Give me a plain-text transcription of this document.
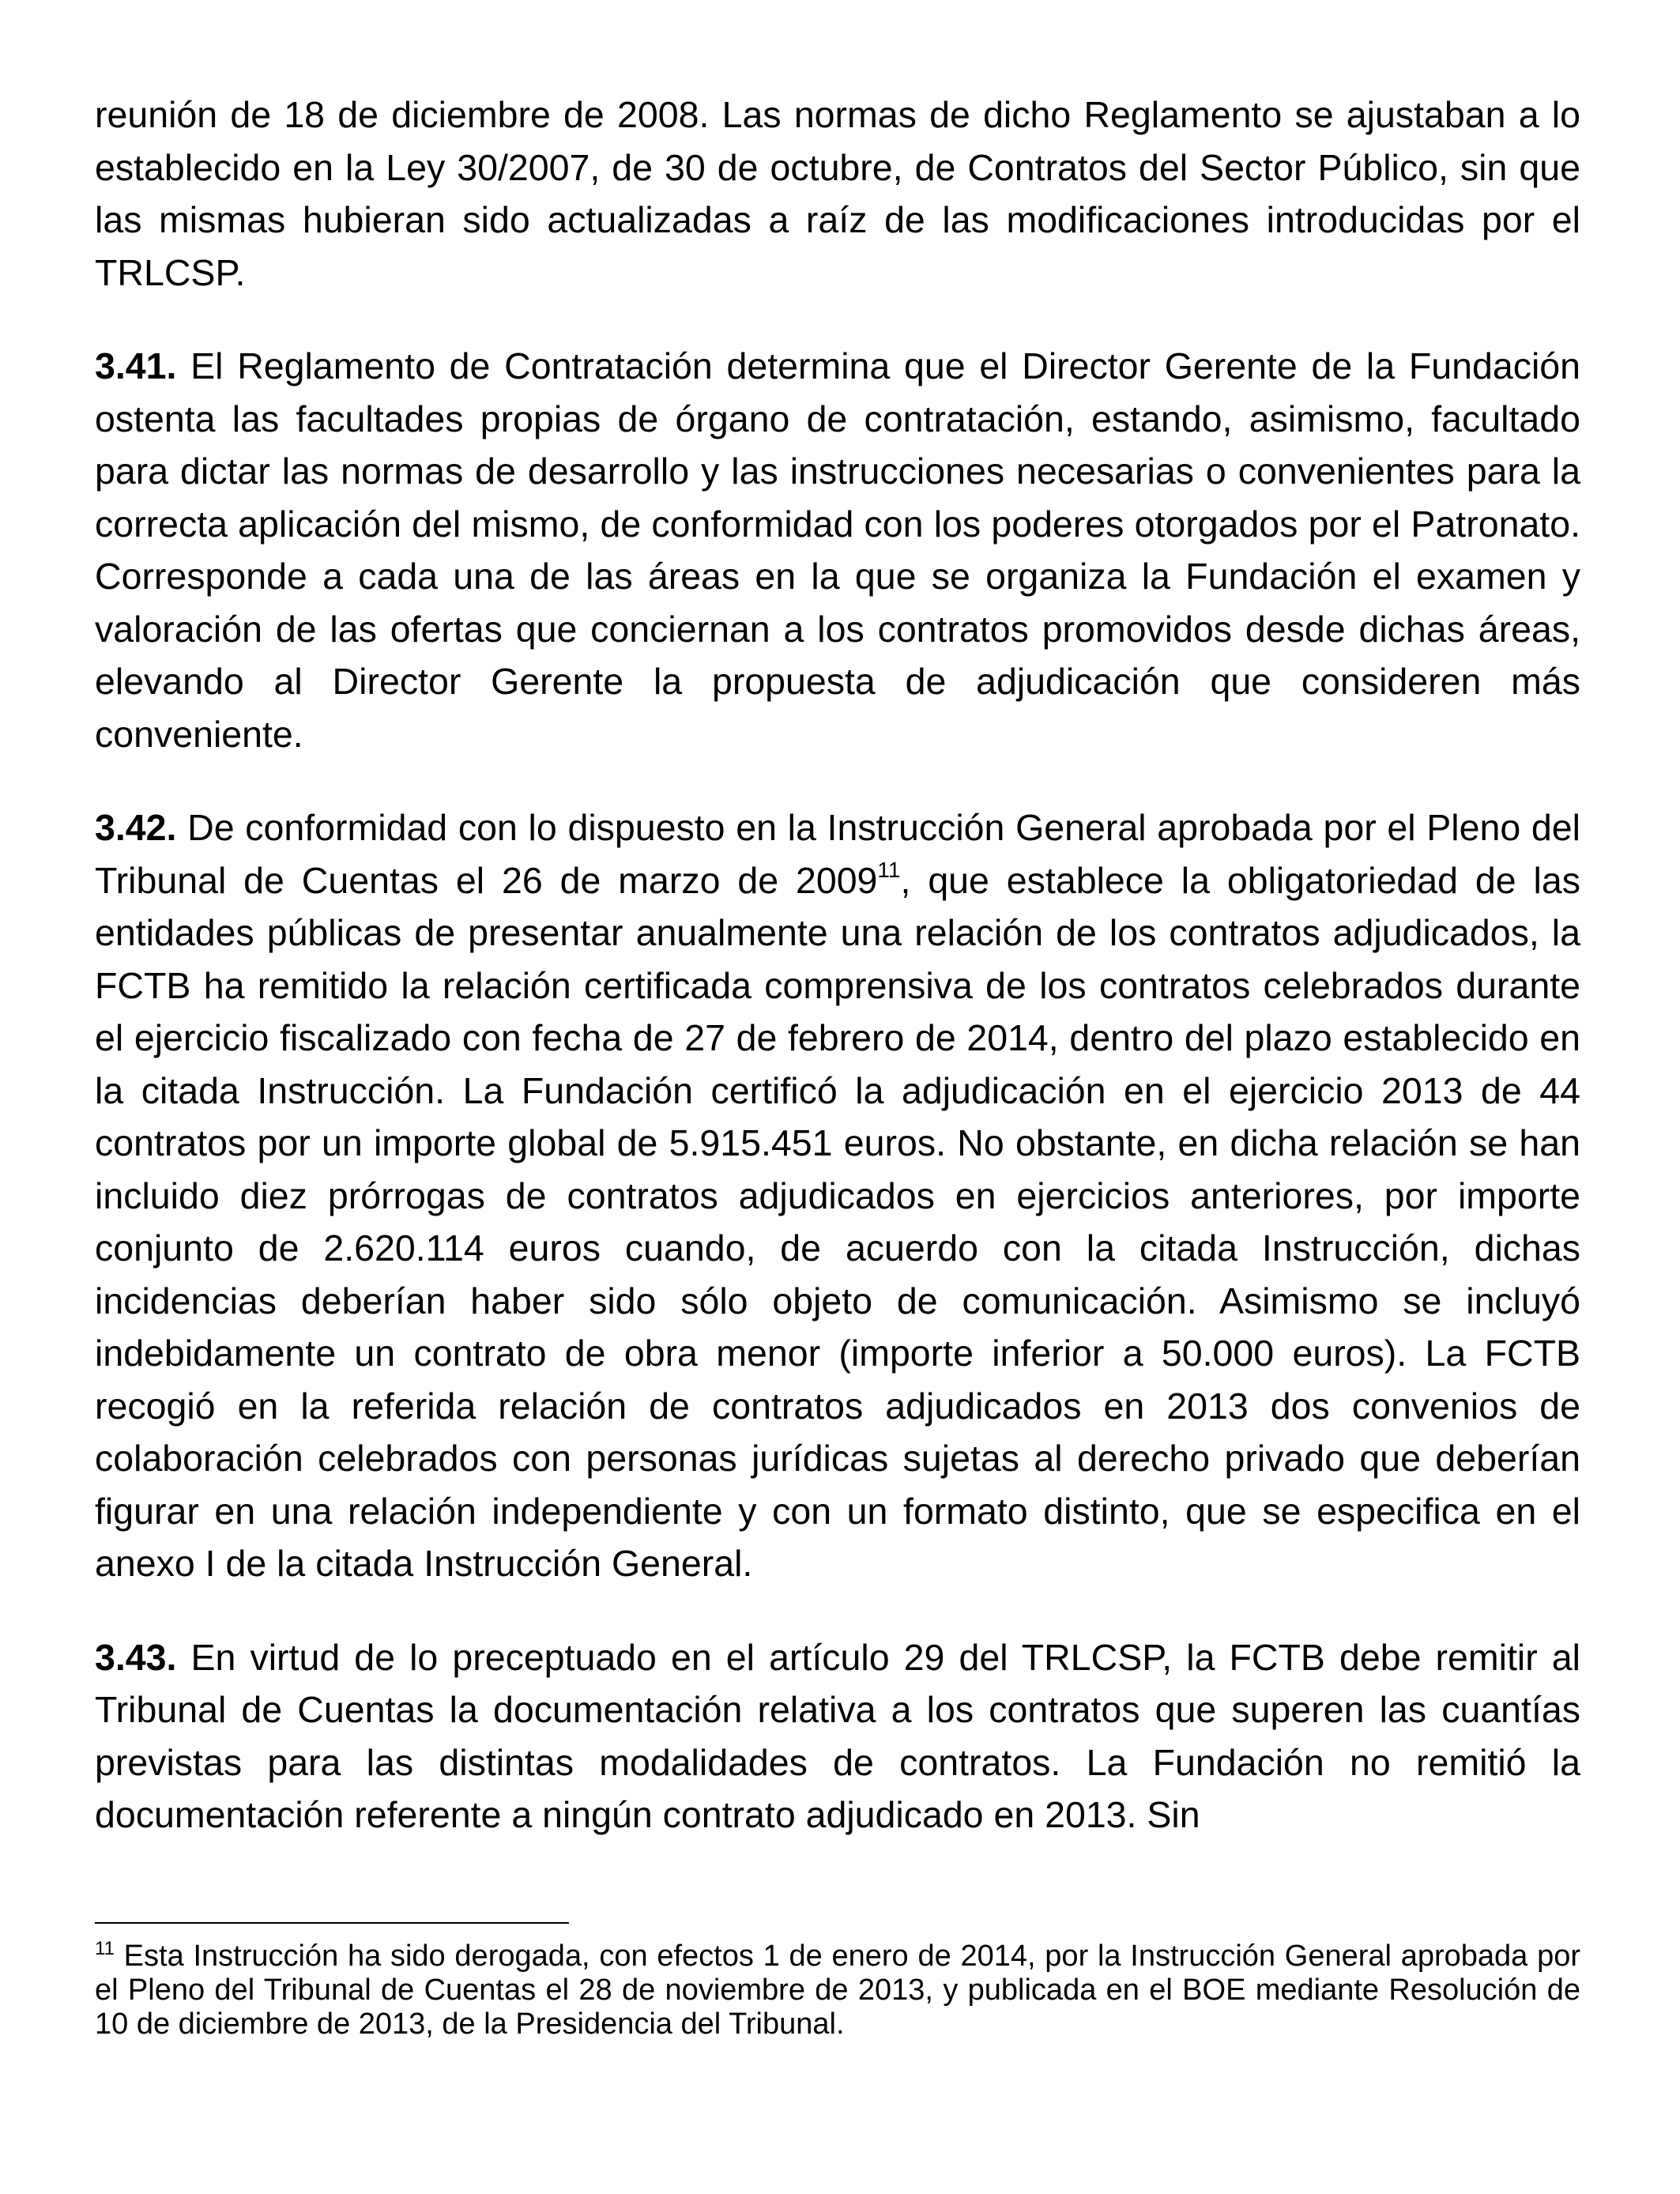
reunión de 18 de diciembre de 2008. Las normas de dicho Reglamento se ajustaban a lo establecido en la Ley 30/2007, de 30 de octubre, de Contratos del Sector Público, sin que las mismas hubieran sido actualizadas a raíz de las modificaciones introducidas por el TRLCSP.

3.41. El Reglamento de Contratación determina que el Director Gerente de la Fundación ostenta las facultades propias de órgano de contratación, estando, asimismo, facultado para dictar las normas de desarrollo y las instrucciones necesarias o convenientes para la correcta aplicación del mismo, de conformidad con los poderes otorgados por el Patronato. Corresponde a cada una de las áreas en la que se organiza la Fundación el examen y valoración de las ofertas que conciernan a los contratos promovidos desde dichas áreas, elevando al Director Gerente la propuesta de adjudicación que consideren más conveniente.

3.42. De conformidad con lo dispuesto en la Instrucción General aprobada por el Pleno del Tribunal de Cuentas el 26 de marzo de 2009$^{11}$, que establece la obligatoriedad de las entidades públicas de presentar anualmente una relación de los contratos adjudicados, la FCTB ha remitido la relación certificada comprensiva de los contratos celebrados durante el ejercicio fiscalizado con fecha de 27 de febrero de 2014, dentro del plazo establecido en la citada Instrucción. La Fundación certificó la adjudicación en el ejercicio 2013 de 44 contratos por un importe global de 5.915.451 euros. No obstante, en dicha relación se han incluido diez prórrogas de contratos adjudicados en ejercicios anteriores, por importe conjunto de 2.620.114 euros cuando, de acuerdo con la citada Instrucción, dichas incidencias deberían haber sido sólo objeto de comunicación. Asimismo se incluyó indebidamente un contrato de obra menor (importe inferior a 50.000 euros). La FCTB recogió en la referida relación de contratos adjudicados en 2013 dos convenios de colaboración celebrados con personas jurídicas sujetas al derecho privado que deberían figurar en una relación independiente y con un formato distinto, que se especifica en el anexo I de la citada Instrucción General.

3.43. En virtud de lo preceptuado en el artículo 29 del TRLCSP, la FCTB debe remitir al Tribunal de Cuentas la documentación relativa a los contratos que superen las cuantías previstas para las distintas modalidades de contratos. La Fundación no remitió la documentación referente a ningún contrato adjudicado en 2013. Sin

$^{11}$ Esta Instrucción ha sido derogada, con efectos 1 de enero de 2014, por la Instrucción General aprobada por el Pleno del Tribunal de Cuentas el 28 de noviembre de 2013, y publicada en el BOE mediante Resolución de 10 de diciembre de 2013, de la Presidencia del Tribunal.
